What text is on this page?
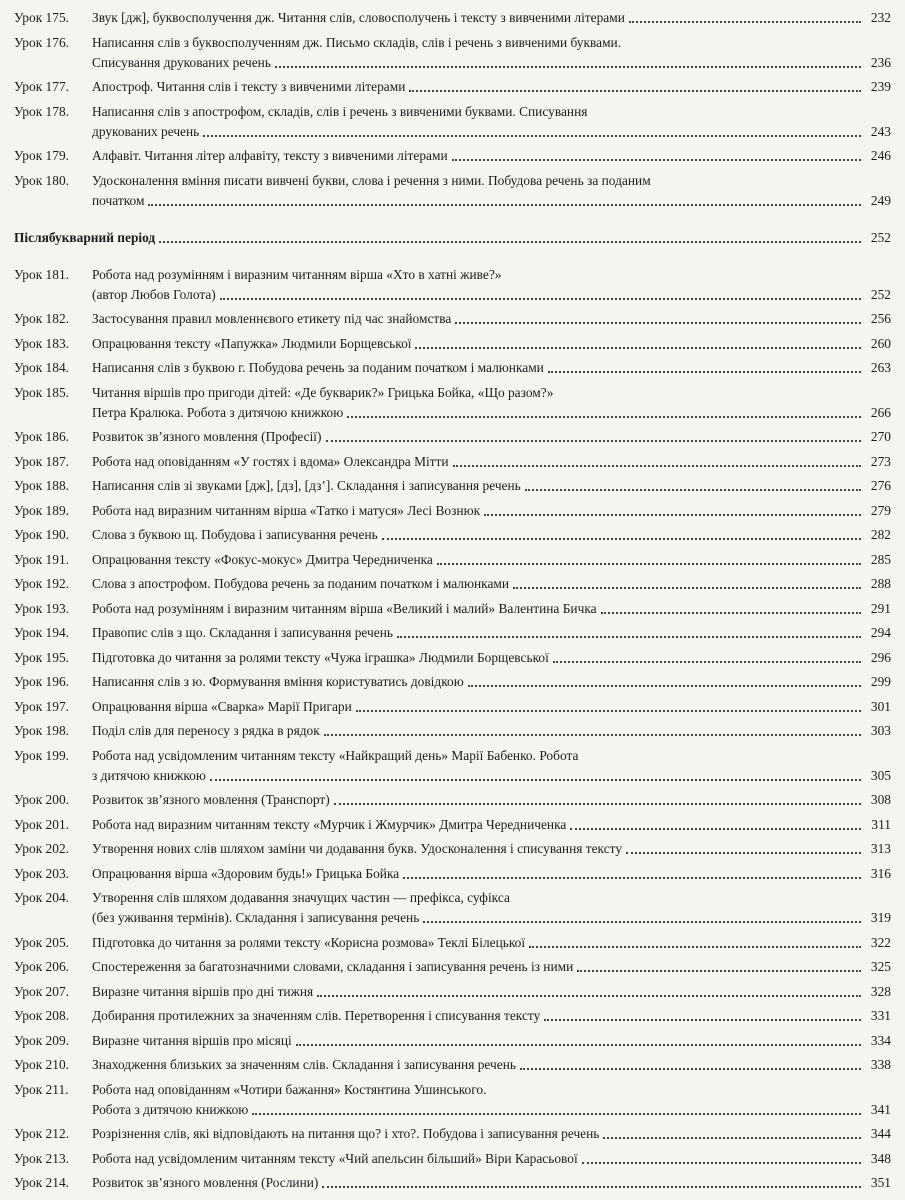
Урок 175.	Звук [дж], буквосполучення дж. Читання слів, словосполучень і тексту з вивченими літерами	232
Урок 176.	Написання слів з буквосполученням дж. Письмо складів, слів і речень з вивченими буквами.
Списування друкованих речень	236
Урок 177.	Апостроф. Читання слів і тексту з вивченими літерами	239
Урок 178.	Написання слів з апострофом, складів, слів і речень з вивченими буквами. Списування
друкованих речень	243
Урок 179.	Алфавіт. Читання літер алфавіту, тексту з вивченими літерами	246
Урок 180.	Удосконалення вміння писати вивчені букви, слова і речення з ними. Побудова речень за поданим
початком	249
Післябукварний період	252
Урок 181.	Робота над розумінням і виразним читанням вірша «Хто в хатні живе?»
(автор Любов Голота)	252
Урок 182.	Застосування правил мовленнєвого етикету під час знайомства	256
Урок 183.	Опрацювання тексту «Папужка» Людмили Борщевської	260
Урок 184.	Написання слів з буквою г. Побудова речень за поданим початком і малюнками	263
Урок 185.	Читання віршів про пригоди дітей: «Де букварик?» Грицька Бойка, «Що разом?»
Петра Кралюка. Робота з дитячою книжкою	266
Урок 186.	Розвиток зв’язного мовлення (Професії)	270
Урок 187.	Робота над оповіданням «У гостях і вдома» Олександра Мітти	273
Урок 188.	Написання слів зі звуками [дж], [дз], [дз’]. Складання і записування речень	276
Урок 189.	Робота над виразним читанням вірша «Татко і матуся» Лесі Вознюк	279
Урок 190.	Слова з буквою щ. Побудова і записування речень	282
Урок 191.	Опрацювання тексту «Фокус-мокус» Дмитра Чередниченка	285
Урок 192.	Слова з апострофом. Побудова речень за поданим початком і малюнками	288
Урок 193.	Робота над розумінням і виразним читанням вірша «Великий і малий» Валентина Бичка	291
Урок 194.	Правопис слів з що. Складання і записування речень	294
Урок 195.	Підготовка до читання за ролями тексту «Чужа іграшка» Людмили Борщевської	296
Урок 196.	Написання слів з ю. Формування вміння користуватись довідкою	299
Урок 197.	Опрацювання вірша «Сварка» Марії Пригари	301
Урок 198.	Поділ слів для переносу з рядка в рядок	303
Урок 199.	Робота над усвідомленим читанням тексту «Найкращий день» Марії Бабенко. Робота
з дитячою книжкою	305
Урок 200.	Розвиток зв’язного мовлення (Транспорт)	308
Урок 201.	Робота над виразним читанням тексту «Мурчик і Жмурчик» Дмитра Чередниченка	311
Урок 202.	Утворення нових слів шляхом заміни чи додавання букв. Удосконалення і списування тексту	313
Урок 203.	Опрацювання вірша «Здоровим будь!» Грицька Бойка	316
Урок 204.	Утворення слів шляхом додавання значущих частин — префікса, суфікса
(без уживання термінів). Складання і записування речень	319
Урок 205.	Підготовка до читання за ролями тексту «Корисна розмова» Теклі Білецької	322
Урок 206.	Спостереження за багатозначними словами, складання і записування речень із ними	325
Урок 207.	Виразне читання віршів про дні тижня	328
Урок 208.	Добирання протилежних за значенням слів. Перетворення і списування тексту	331
Урок 209.	Виразне читання віршів про місяці	334
Урок 210.	Знаходження близьких за значенням слів. Складання і записування речень	338
Урок 211.	Робота над оповіданням «Чотири бажання» Костянтина Ушинського.
Робота з дитячою книжкою	341
Урок 212.	Розрізнення слів, які відповідають на питання що? і хто?. Побудова і записування речень	344
Урок 213.	Робота над усвідомленим читанням тексту «Чий апельсин більший» Віри Карасьової	348
Урок 214.	Розвиток зв’язного мовлення (Рослини)	351
